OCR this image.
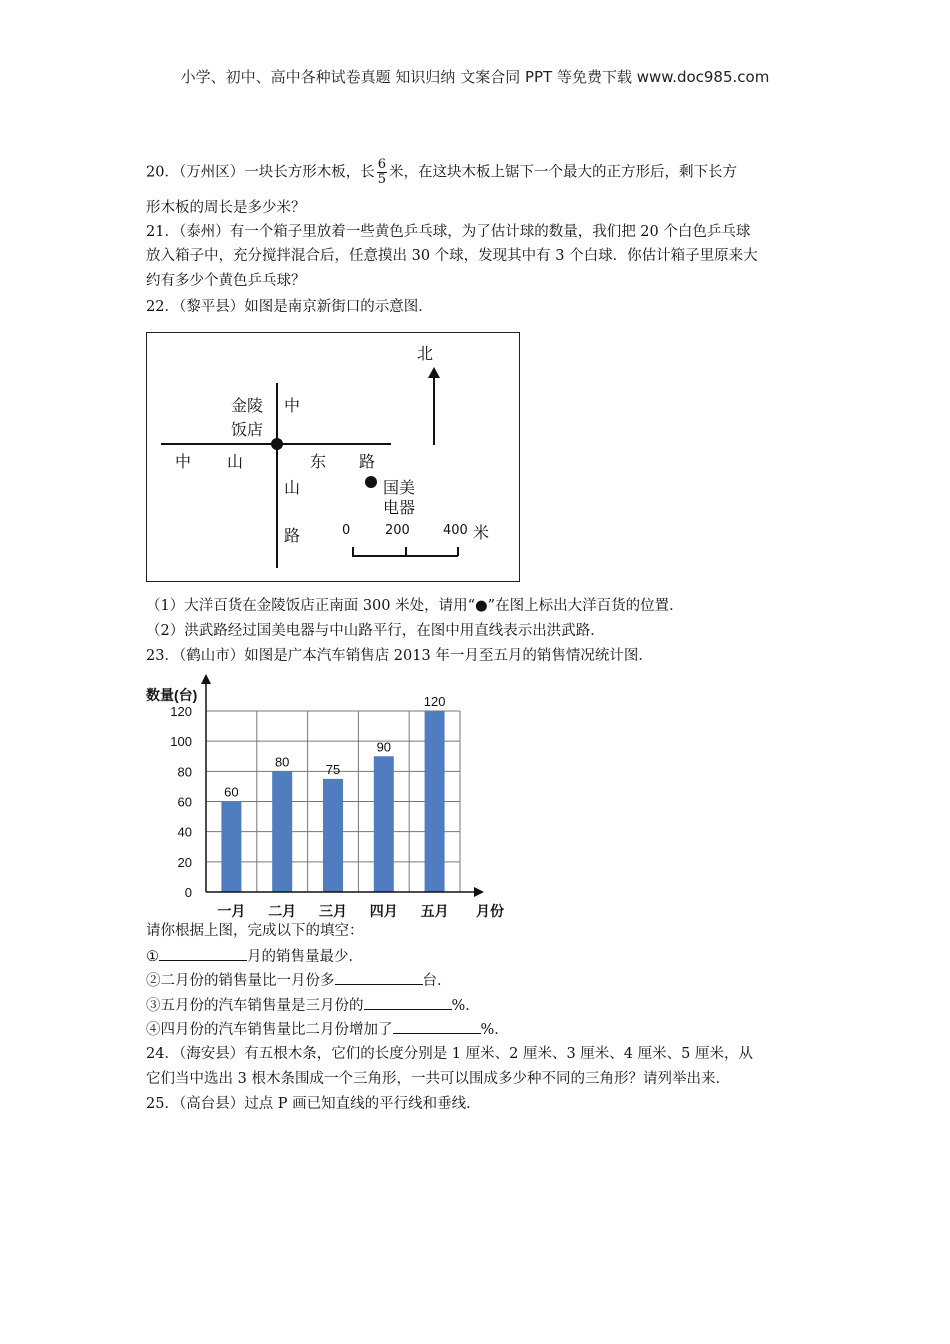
小学、初中、高中各种试卷真题 知识归纳 文案合同 PPT 等免费下载 www.doc985.com
20．（万州区）一块长方形木板，长 $\frac{6}{5}$ 米，在这块木板上锯下一个最大的正方形后，剩下长方
形木板的周长是多少米？
21．（泰州）有一个箱子里放着一些黄色乒乓球，为了估计球的数量，我们把 20 个白色乒乓球
放入箱子中，充分搅拌混合后，任意摸出 30 个球，发现其中有 3 个白球．你估计箱子里原来大
约有多少个黄色乒乓球？
22．（黎平县）如图是南京新街口的示意图．
北
金陵
饭店
中
中 山	东 路
山
路
国美
电器
0	200	400 米
（1）大洋百货在金陵饭店正南面 300 米处，请用“●”在图上标出大洋百货的位置．
（2）洪武路经过国美电器与中山路平行，在图中用直线表示出洪武路．
23．（鹤山市）如图是广本汽车销售店 2013 年一月至五月的销售情况统计图．
0
20
40
60
80
100
120
60
一月
80
二月
75
三月
90
四月
120
五月
数量(台)
月份
请你根据上图，完成以下的填空：
①	月的销售量最少．
②二月份的销售量比一月份多	台．
③五月份的汽车销售量是三月份的	%．
④四月份的汽车销售量比二月份增加了	%．
24．（海安县）有五根木条，它们的长度分别是 1 厘米、2 厘米、3 厘米、4 厘米、5 厘米，从
它们当中选出 3 根木条围成一个三角形，一共可以围成多少种不同的三角形？请列举出来．
25．（高台县）过点 P 画已知直线的平行线和垂线．
